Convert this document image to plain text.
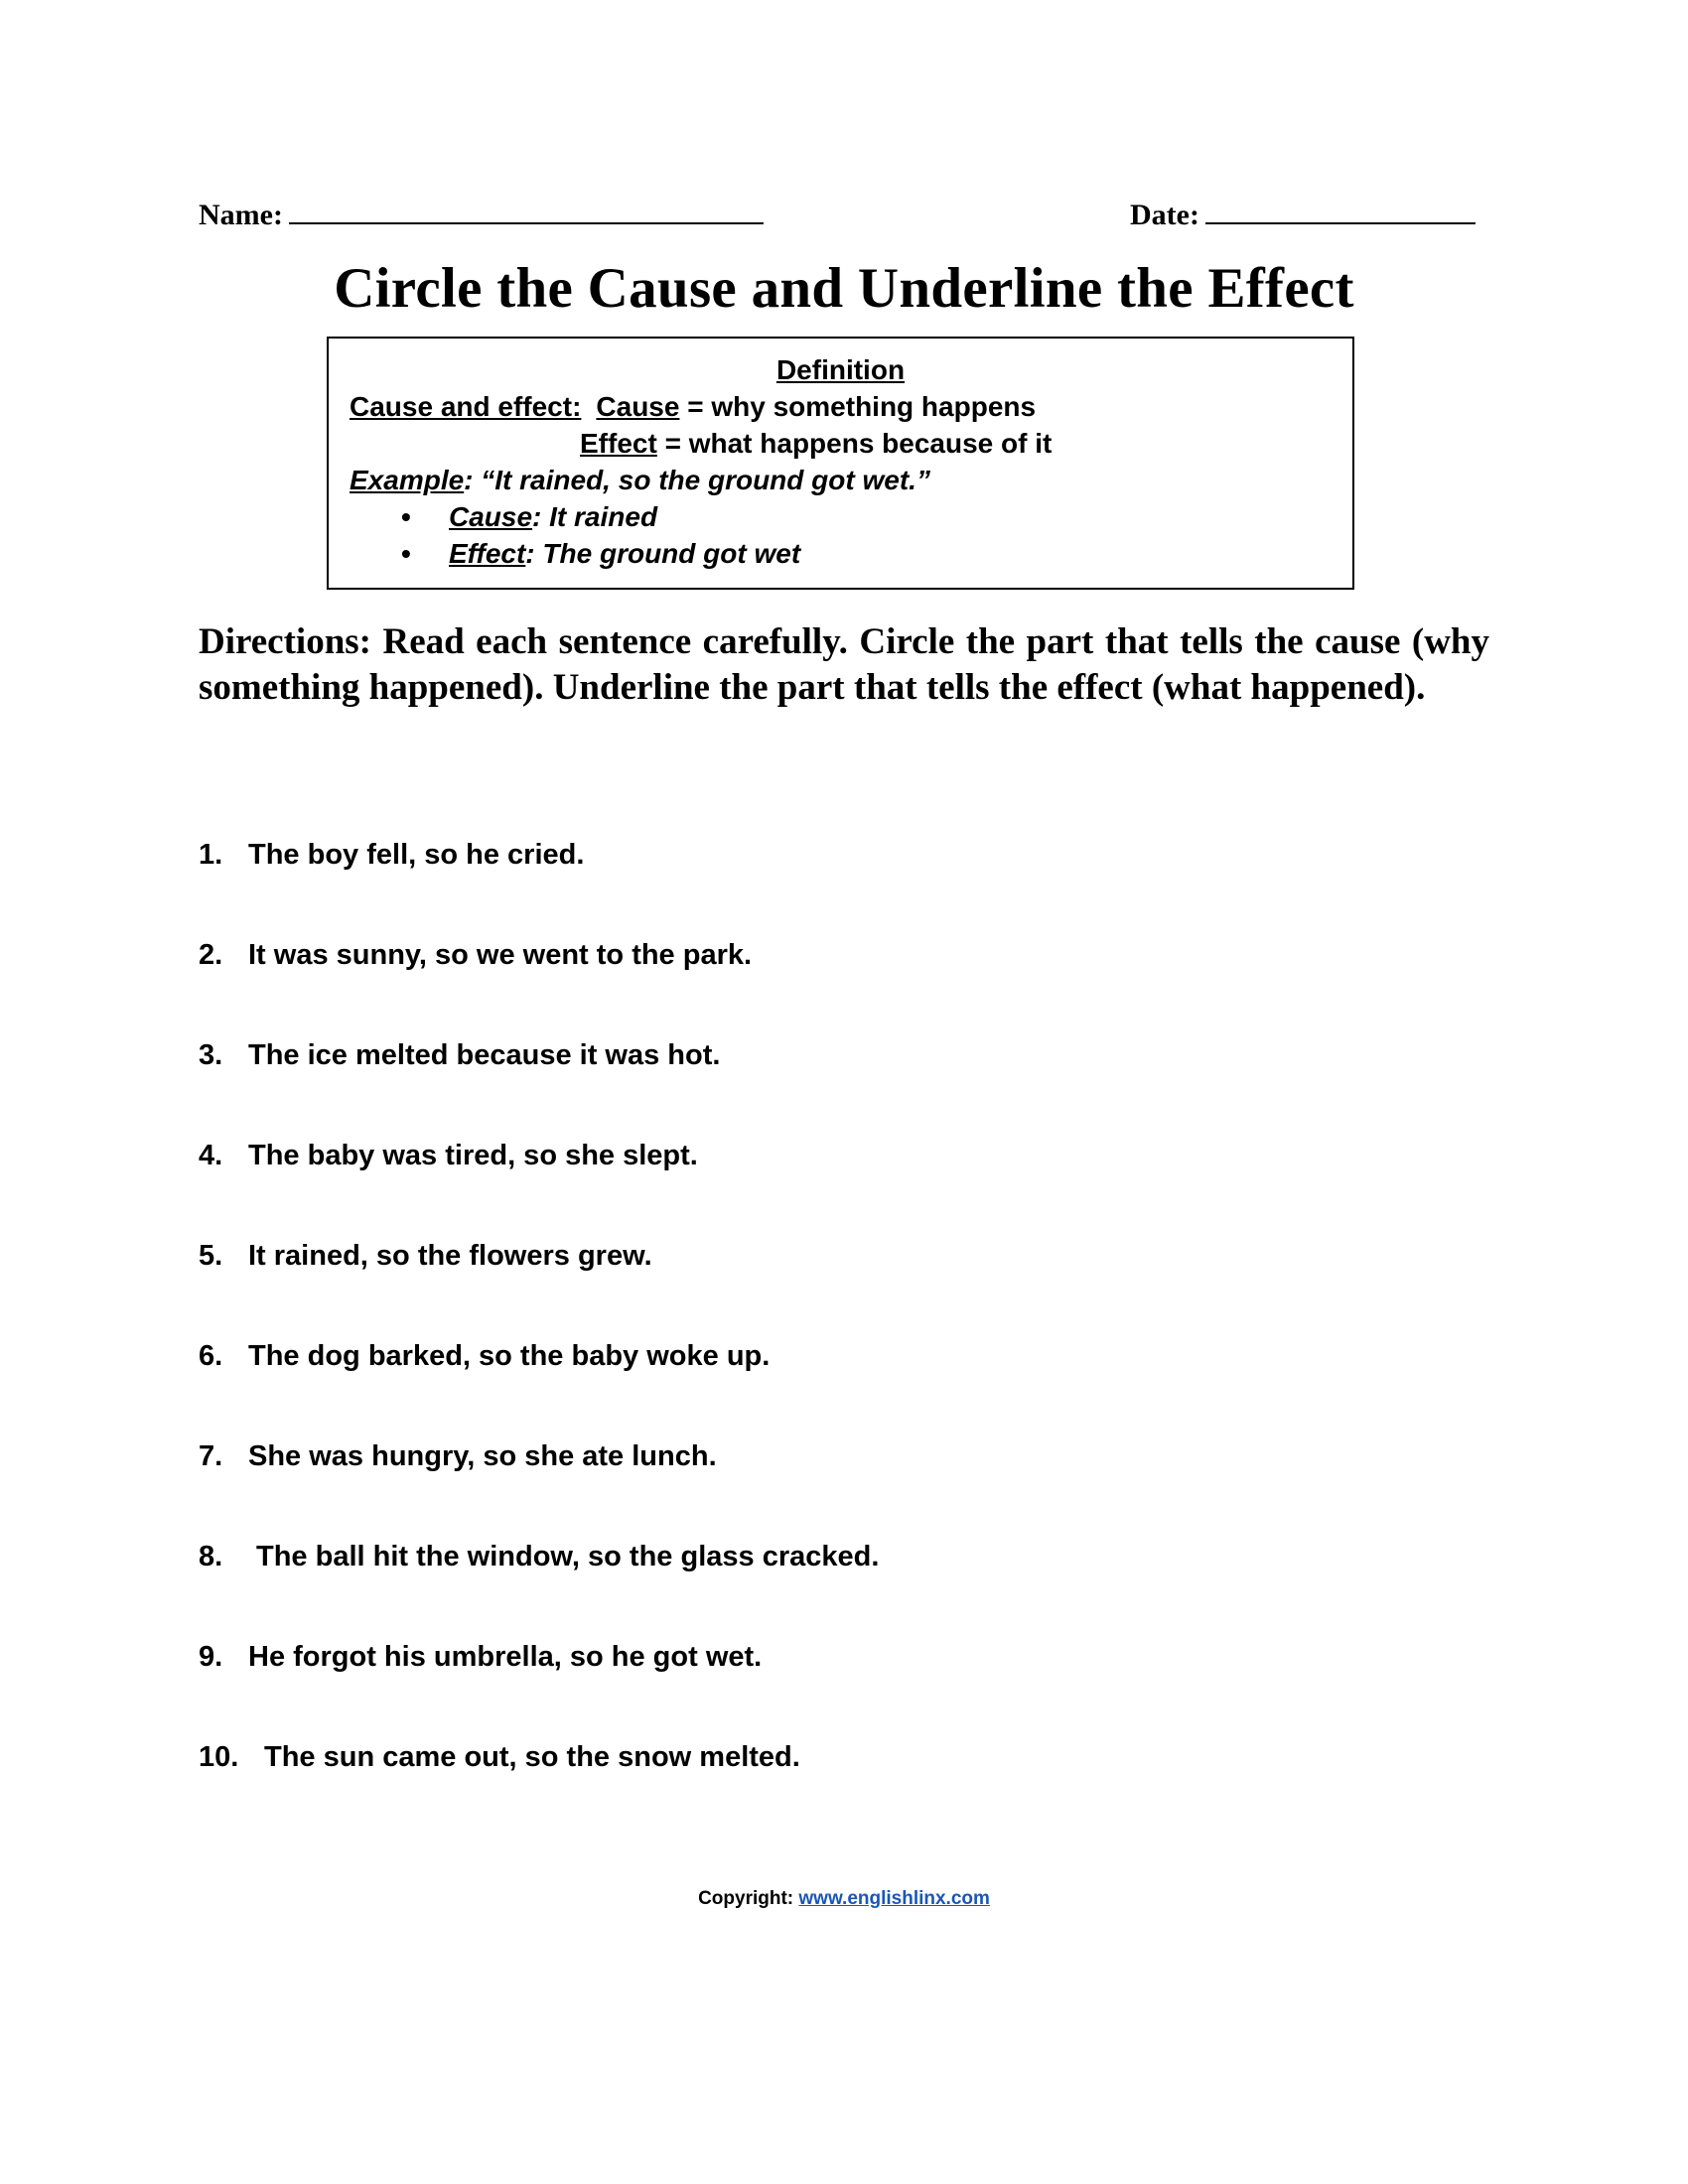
Name:	Date:
Circle the Cause and Underline the Effect
Definition
Cause and effect: Cause = why something happens
Effect = what happens because of it
Example: “It rained, so the ground got wet.”
• Cause: It rained
• Effect: The ground got wet
Directions: Read each sentence carefully. Circle the part that tells the cause (why something happened). Underline the part that tells the effect (what happened).
1. The boy fell, so he cried.
2. It was sunny, so we went to the park.
3. The ice melted because it was hot.
4. The baby was tired, so she slept.
5. It rained, so the flowers grew.
6. The dog barked, so the baby woke up.
7. She was hungry, so she ate lunch.
8. The ball hit the window, so the glass cracked.
9. He forgot his umbrella, so he got wet.
10. The sun came out, so the snow melted.
Copyright: www.englishlinx.com
